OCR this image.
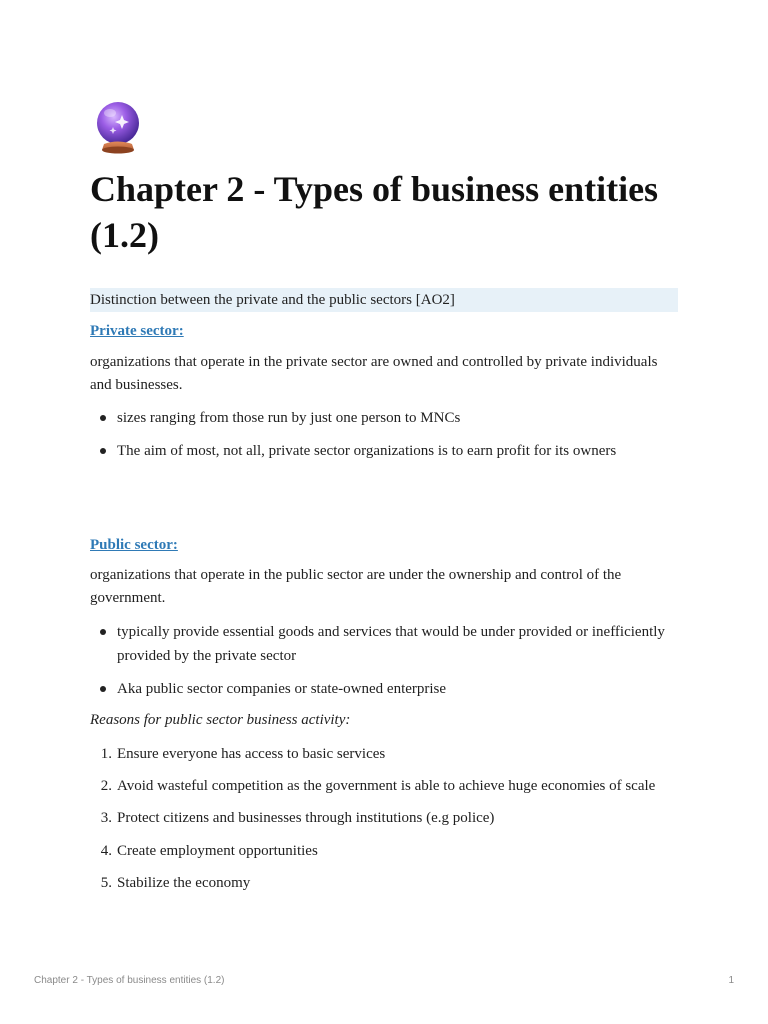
Chapter 2 - Types of business entities (1.2)
Distinction between the private and the public sectors [AO2]
Private sector:

organizations that operate in the private sector are owned and controlled by private individuals and businesses.

sizes ranging from those run by just one person to MNCs
The aim of most, not all, private sector organizations is to earn profit for its owners
Public sector:

organizations that operate in the public sector are under the ownership and control of the government.

typically provide essential goods and services that would be under provided or inefficiently provided by the private sector
Aka public sector companies or state-owned enterprise
Reasons for public sector business activity:
1. Ensure everyone has access to basic services
2. Avoid wasteful competition as the government is able to achieve huge economies of scale
3. Protect citizens and businesses through institutions (e.g police)
4. Create employment opportunities
5. Stabilize the economy
Chapter 2 - Types of business entities (1.2)	1
